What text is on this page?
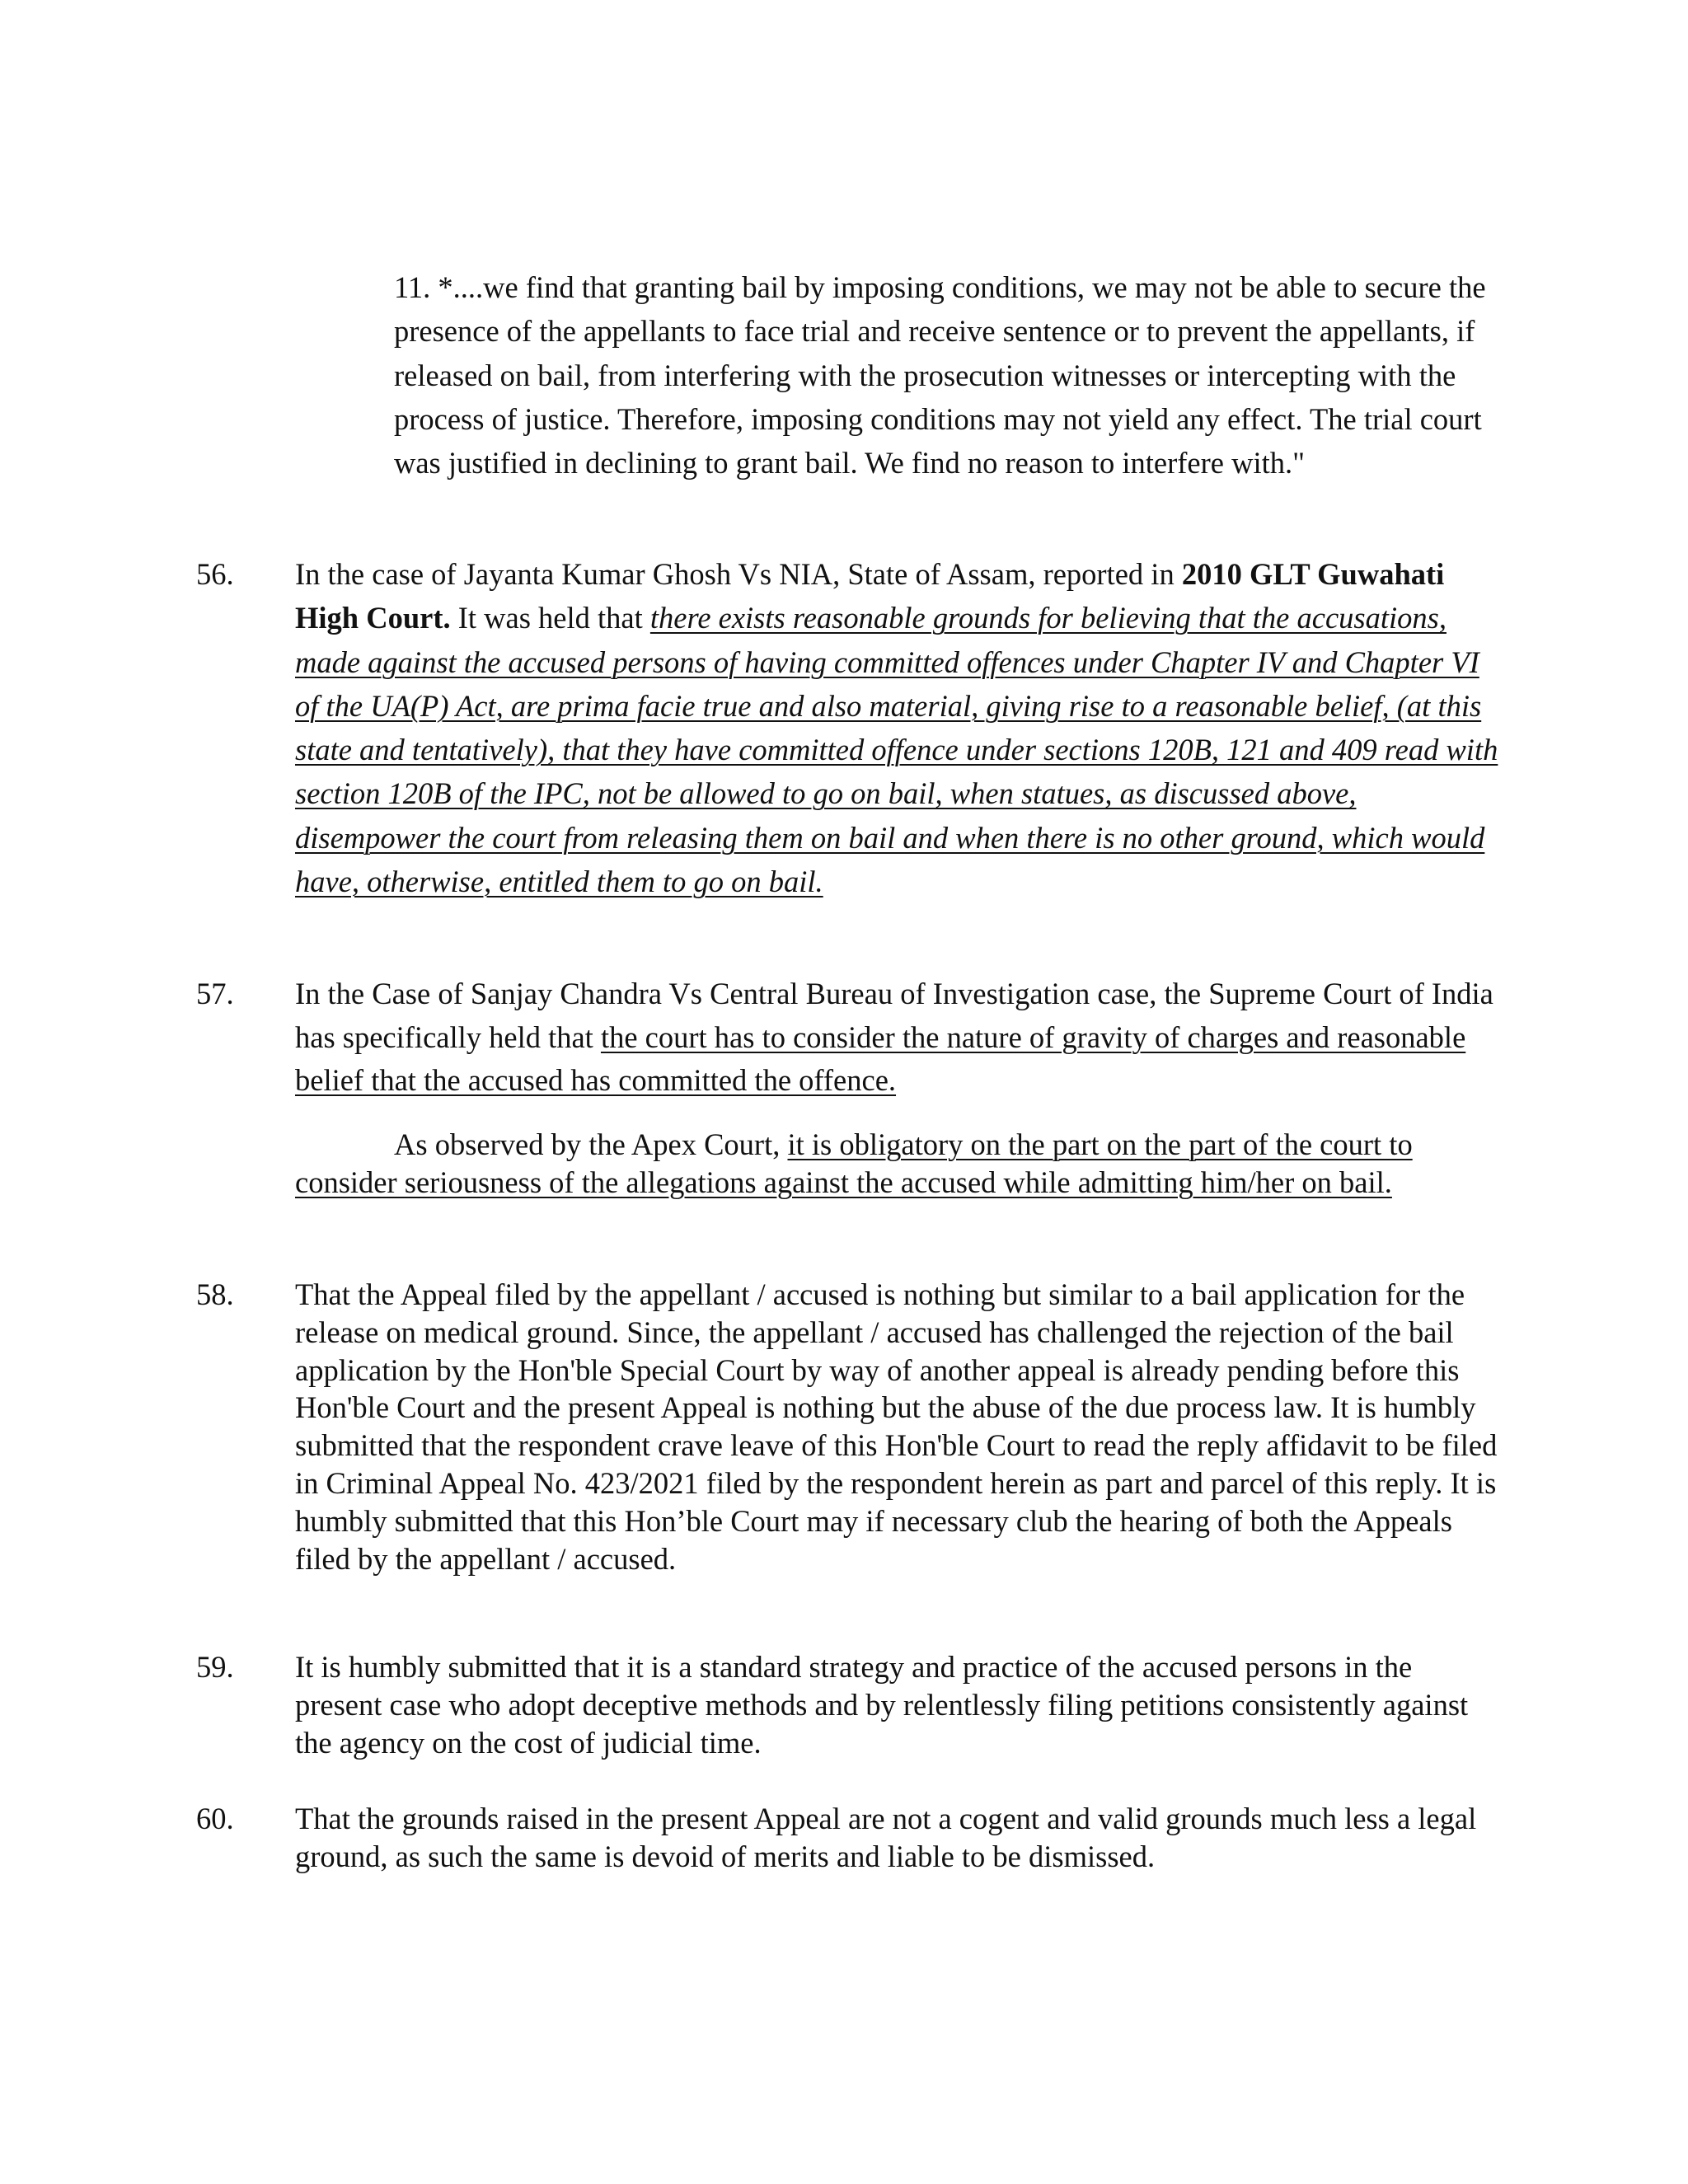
11. *....we find that granting bail by imposing conditions, we may not be able to secure the presence of the appellants to face trial and receive sentence or to prevent the appellants, if released on bail, from interfering with the prosecution witnesses or intercepting with the process of justice. Therefore, imposing conditions may not yield any effect. The trial court was justified in declining to grant bail. We find no reason to interfere with."
56. In the case of Jayanta Kumar Ghosh Vs NIA, State of Assam, reported in 2010 GLT Guwahati High Court. It was held that there exists reasonable grounds for believing that the accusations, made against the accused persons of having committed offences under Chapter IV and Chapter VI of the UA(P) Act, are prima facie true and also material, giving rise to a reasonable belief, (at this state and tentatively), that they have committed offence under sections 120B, 121 and 409 read with section 120B of the IPC, not be allowed to go on bail, when statues, as discussed above, disempower the court from releasing them on bail and when there is no other ground, which would have, otherwise, entitled them to go on bail.
57. In the Case of Sanjay Chandra Vs Central Bureau of Investigation case, the Supreme Court of India has specifically held that the court has to consider the nature of gravity of charges and reasonable belief that the accused has committed the offence.
As observed by the Apex Court, it is obligatory on the part on the part of the court to consider seriousness of the allegations against the accused while admitting him/her on bail.
58. That the Appeal filed by the appellant / accused is nothing but similar to a bail application for the release on medical ground. Since, the appellant / accused has challenged the rejection of the bail application by the Hon'ble Special Court by way of another appeal is already pending before this Hon'ble Court and the present Appeal is nothing but the abuse of the due process law. It is humbly submitted that the respondent crave leave of this Hon'ble Court to read the reply affidavit to be filed in Criminal Appeal No. 423/2021 filed by the respondent herein as part and parcel of this reply. It is humbly submitted that this Hon’ble Court may if necessary club the hearing of both the Appeals filed by the appellant / accused.
59. It is humbly submitted that it is a standard strategy and practice of the accused persons in the present case who adopt deceptive methods and by relentlessly filing petitions consistently against the agency on the cost of judicial time.
60. That the grounds raised in the present Appeal are not a cogent and valid grounds much less a legal ground, as such the same is devoid of merits and liable to be dismissed.
